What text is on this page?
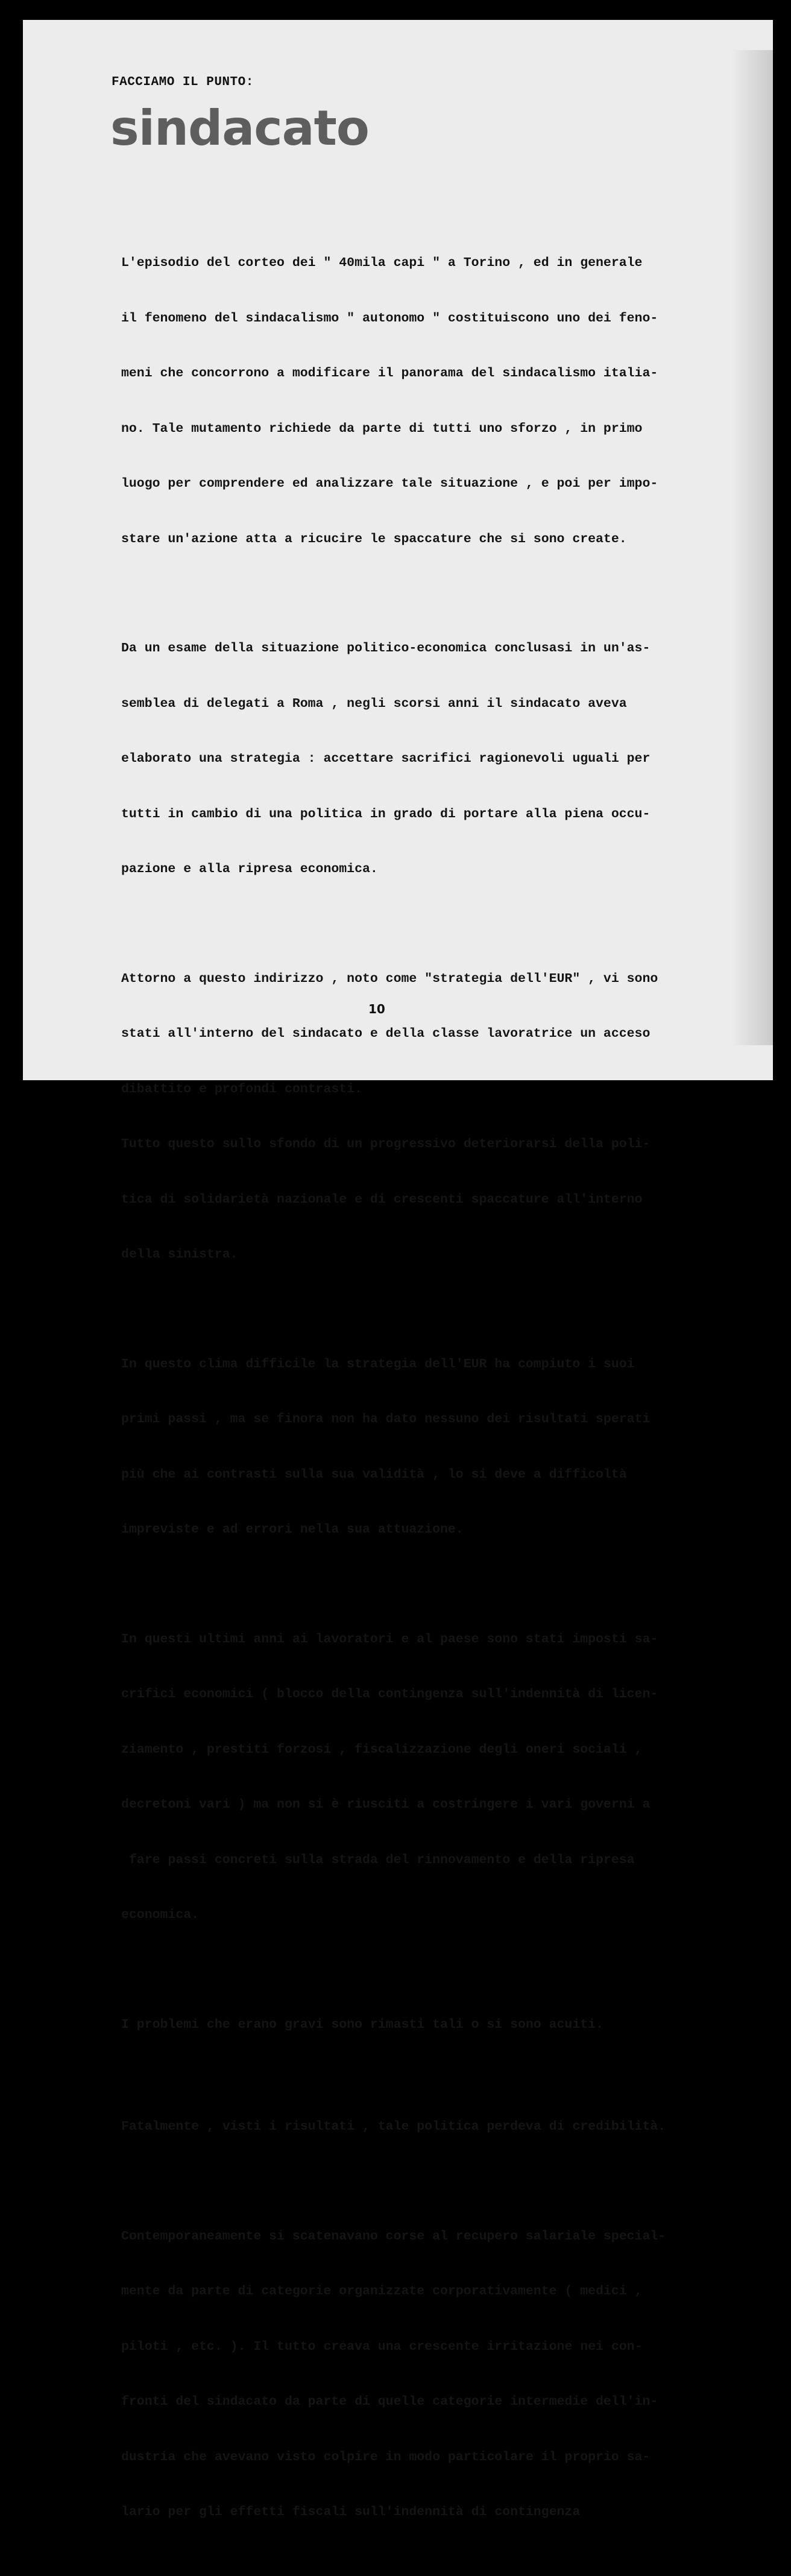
FACCIAMO IL PUNTO:
sindacato

L'episodio del corteo dei " 40mila capi " a Torino , ed in generale

il fenomeno del sindacalismo " autonomo " costituiscono uno dei feno-

meni che concorrono a modificare il panorama del sindacalismo italia-

no. Tale mutamento richiede da parte di tutti uno sforzo , in primo

luogo per comprendere ed analizzare tale situazione , e poi per impo-

stare un'azione atta a ricucire le spaccature che si sono create.

Da un esame della situazione politico-economica conclusasi in un'as-

semblea di delegati a Roma , negli scorsi anni il sindacato aveva

elaborato una strategia : accettare sacrifici ragionevoli uguali per

tutti in cambio di una politica in grado di portare alla piena occu-

pazione e alla ripresa economica.

Attorno a questo indirizzo , noto come "strategia dell'EUR" , vi sono

stati all'interno del sindacato e della classe lavoratrice un acceso

dibattito e profondi contrasti.

Tutto questo sullo sfondo di un progressivo deteriorarsi della poli-

tica di solidarietà nazionale e di crescenti spaccature all'interno

della sinistra.

In questo clima difficile la strategia dell'EUR ha compiuto i suoi

primi passi , ma se finora non ha dato nessuno dei risultati sperati

più che ai contrasti sulla sua validità , lo si deve a difficoltà

impreviste e ad errori nella sua attuazione.

In questi ultimi anni ai lavoratori e al paese sono stati imposti sa-

crifici economici ( blocco della contingenza sull'indennità di licen-

ziamento , prestiti forzosi , fiscalizzazione degli oneri sociali ,

decretoni vari ) ma non si è riusciti a costringere i vari governi a

fare passi concreti sulla strada del rinnovamento e della ripresa

economica.

I problemi che erano gravi sono rimasti tali o si sono acuiti.

Fatalmente , visti i risultati , tale politica perdeva di credibilità.

Contemporaneamente si scatenavano corse al recupero salariale special-

mente da parte di categorie organizzate corporativamente ( medici ,

piloti , etc. ). Il tutto creava una crescente irritazione nei con-

fronti del sindacato da parte di quelle categorie intermedie dell'in-

dustria che avevano visto colpire in modo particolare il proprio sa-

lario per gli effetti fiscali sull'indennità di contingenza

10
